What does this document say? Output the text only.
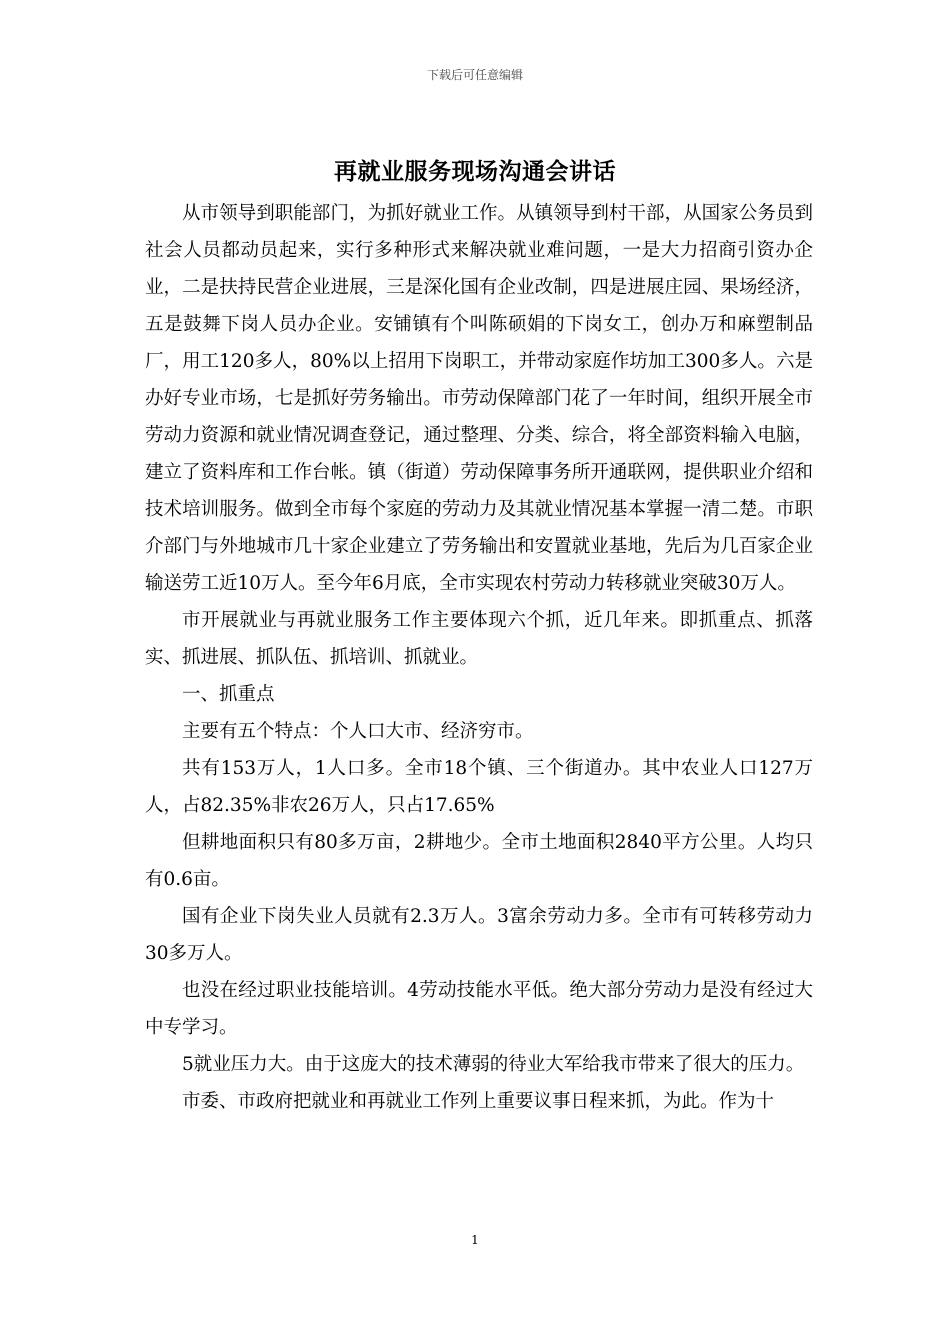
下载后可任意编辑
再就业服务现场沟通会讲话

从市领导到职能部门，为抓好就业工作。从镇领导到村干部，从国家公务员到社会人员都动员起来，实行多种形式来解决就业难问题，一是大力招商引资办企业，二是扶持民营企业进展，三是深化国有企业改制，四是进展庄园、果场经济，五是鼓舞下岗人员办企业。安铺镇有个叫陈硕娟的下岗女工，创办万和麻塑制品厂，用工120多人，80%以上招用下岗职工，并带动家庭作坊加工300多人。六是办好专业市场，七是抓好劳务输出。市劳动保障部门花了一年时间，组织开展全市劳动力资源和就业情况调查登记，通过整理、分类、综合，将全部资料输入电脑，建立了资料库和工作台帐。镇（街道）劳动保障事务所开通联网，提供职业介绍和技术培训服务。做到全市每个家庭的劳动力及其就业情况基本掌握一清二楚。市职介部门与外地城市几十家企业建立了劳务输出和安置就业基地，先后为几百家企业输送劳工近10万人。至今年6月底，全市实现农村劳动力转移就业突破30万人。

市开展就业与再就业服务工作主要体现六个抓，近几年来。即抓重点、抓落实、抓进展、抓队伍、抓培训、抓就业。

一、抓重点

主要有五个特点：个人口大市、经济穷市。

共有153万人，1人口多。全市18个镇、三个街道办。其中农业人口127万人，占82.35%非农26万人，只占17.65%

但耕地面积只有80多万亩，2耕地少。全市土地面积2840平方公里。人均只有0.6亩。

国有企业下岗失业人员就有2.3万人。3富余劳动力多。全市有可转移劳动力30多万人。

也没在经过职业技能培训。4劳动技能水平低。绝大部分劳动力是没有经过大中专学习。

5就业压力大。由于这庞大的技术薄弱的待业大军给我市带来了很大的压力。

市委、市政府把就业和再就业工作列上重要议事日程来抓，为此。作为十

1
